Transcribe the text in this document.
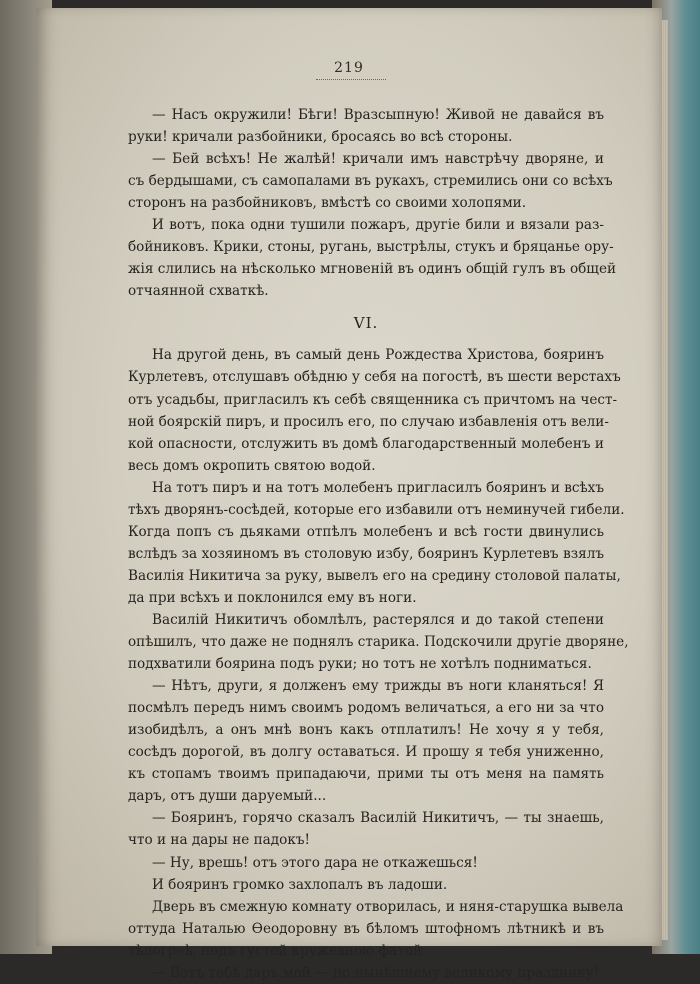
219
— Насъ окружили! Бѣги! Вразсыпную! Живой не давайся въ
руки! кричали разбойники, бросаясь во всѣ стороны.
— Бей всѣхъ! Не жалѣй! кричали имъ навстрѣчу дворяне, и
съ бердышами, съ самопалами въ рукахъ, стремились они со всѣхъ
сторонъ на разбойниковъ, вмѣстѣ со своими холопями.
И вотъ, пока одни тушили пожаръ, другіе били и вязали раз-
бойниковъ. Крики, стоны, ругань, выстрѣлы, стукъ и бряцанье ору-
жія слились на нѣсколько мгновеній въ одинъ общій гулъ въ общей
отчаянной схваткѣ.
VI.
На другой день, въ самый день Рождества Христова, бояринъ
Курлетевъ, отслушавъ обѣдню у себя на погостѣ, въ шести верстахъ
отъ усадьбы, пригласилъ къ себѣ священника съ причтомъ на чест-
ной боярскій пиръ, и просилъ его, по случаю избавленія отъ вели-
кой опасности, отслужить въ домѣ благодарственный молебенъ и
весь домъ окропить святою водой.
На тотъ пиръ и на тотъ молебенъ пригласилъ бояринъ и всѣхъ
тѣхъ дворянъ-сосѣдей, которые его избавили отъ неминучей гибели.
Когда попъ съ дьяками отпѣлъ молебенъ и всѣ гости двинулись
вслѣдъ за хозяиномъ въ столовую избу, бояринъ Курлетевъ взялъ
Василія Никитича за руку, вывелъ его на средину столовой палаты,
да при всѣхъ и поклонился ему въ ноги.
Василій Никитичъ обомлѣлъ, растерялся и до такой степени
опѣшилъ, что даже не поднялъ старика. Подскочили другіе дворяне,
подхватили боярина подъ руки; но тотъ не хотѣлъ подниматься.
— Нѣтъ, други, я долженъ ему трижды въ ноги кланяться! Я
посмѣлъ передъ нимъ своимъ родомъ величаться, а его ни за что
изобидѣлъ, а онъ мнѣ вонъ какъ отплатилъ! Не хочу я у тебя,
сосѣдъ дорогой, въ долгу оставаться. И прошу я тебя униженно,
къ стопамъ твоимъ припадаючи, прими ты отъ меня на память
даръ, отъ души даруемый...
— Бояринъ, горячо сказалъ Василій Никитичъ, — ты знаешь,
что и на дары не падокъ!
— Ну, врешь! отъ этого дара не откажешься!
И бояринъ громко захлопалъ въ ладоши.
Дверь въ смежную комнату отворилась, и няня-старушка вывела
оттуда Наталью Өеодоровну въ бѣломъ штофномъ лѣтникѣ и въ
тѣлогреѣ, подъ густой кружевною фатой.
— Вотъ тебѣ даръ мой — по нынѣшнему великому празднику!
